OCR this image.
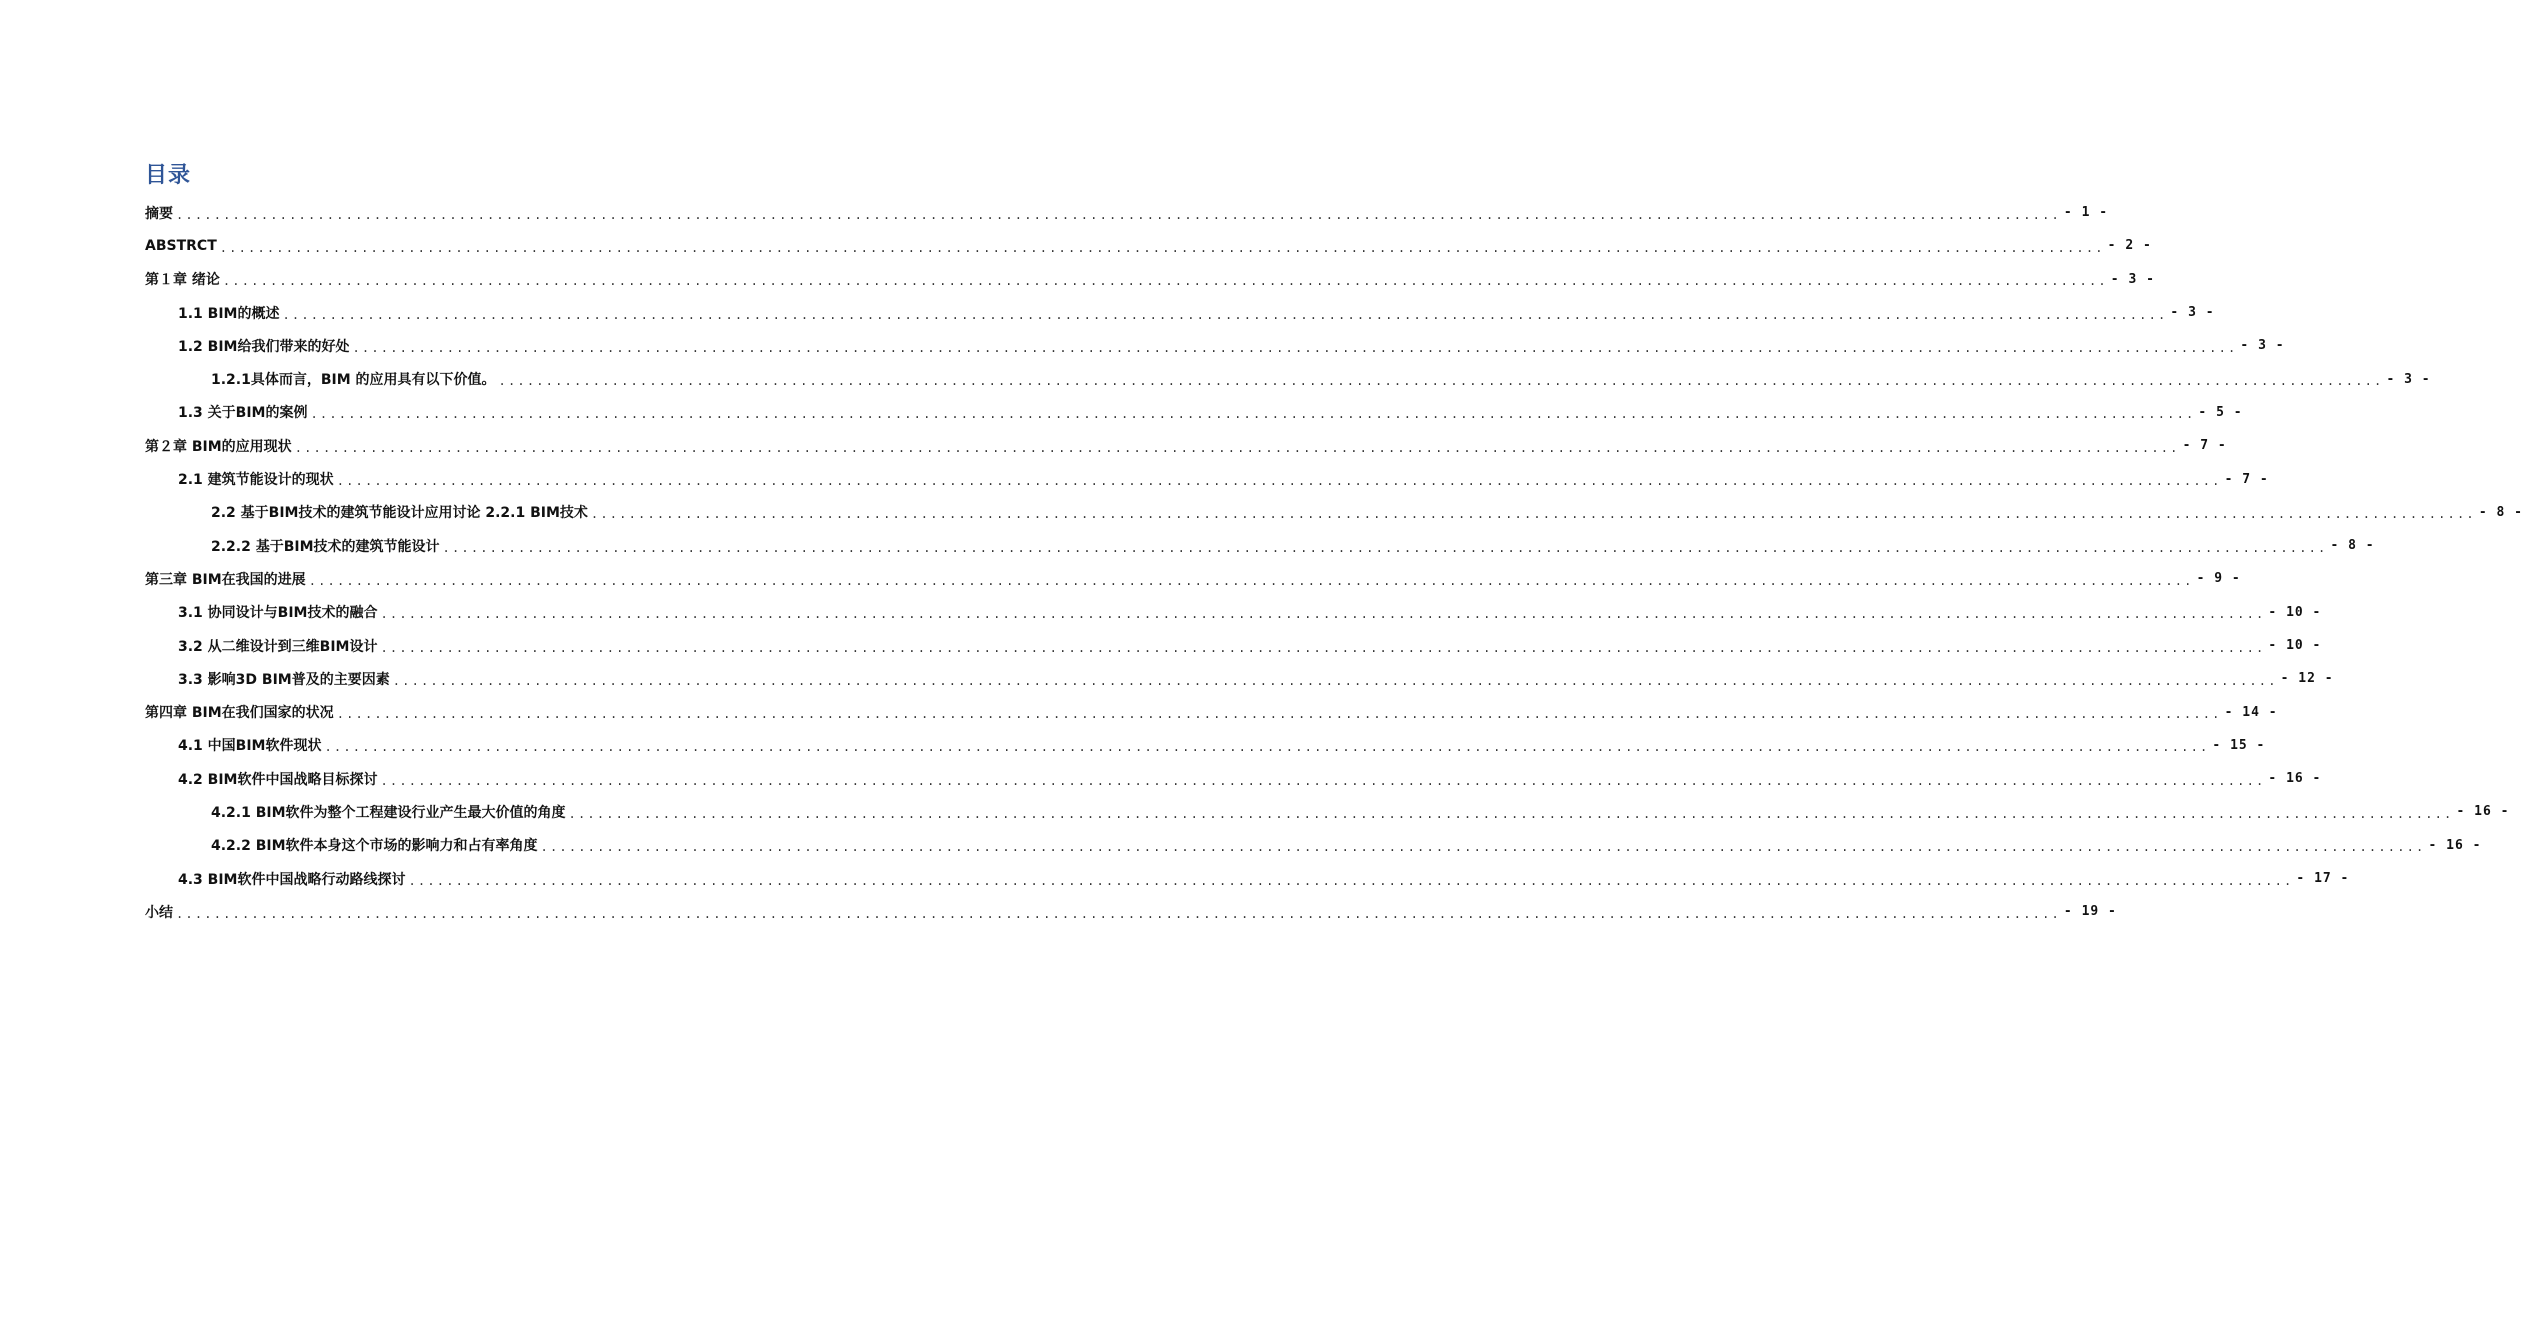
目录
摘要 ........................................................................................................................................................................................................ - 1 -
ABSTRCT ........................................................................................................................................................................................................ - 2 -
第１章 绪论 ........................................................................................................................................................................................................ - 3 -
1.1 BIM的概述 ........................................................................................................................................................................................................ - 3 -
1.2 BIM给我们带来的好处 ........................................................................................................................................................................................................ - 3 -
1.2.1具体而言，BIM 的应用具有以下价值。 ........................................................................................................................................................................................................ - 3 -
1.3 关于BIM的案例 ........................................................................................................................................................................................................ - 5 -
第２章 BIM的应用现状 ........................................................................................................................................................................................................ - 7 -
2.1 建筑节能设计的现状 ........................................................................................................................................................................................................ - 7 -
2.2 基于BIM技术的建筑节能设计应用讨论 2.2.1 BIM技术 ........................................................................................................................................................................................................ - 8 -
2.2.2 基于BIM技术的建筑节能设计 ........................................................................................................................................................................................................ - 8 -
第三章 BIM在我国的进展 ........................................................................................................................................................................................................ - 9 -
3.1 协同设计与BIM技术的融合 ........................................................................................................................................................................................................ - 10 -
3.2 从二维设计到三维BIM设计 ........................................................................................................................................................................................................ - 10 -
3.3 影响3D BIM普及的主要因素 ........................................................................................................................................................................................................ - 12 -
第四章 BIM在我们国家的状况 ........................................................................................................................................................................................................ - 14 -
4.1 中国BIM软件现状 ........................................................................................................................................................................................................ - 15 -
4.2 BIM软件中国战略目标探讨 ........................................................................................................................................................................................................ - 16 -
4.2.1 BIM软件为整个工程建设行业产生最大价值的角度 ........................................................................................................................................................................................................ - 16 -
4.2.2 BIM软件本身这个市场的影响力和占有率角度 ........................................................................................................................................................................................................ - 16 -
4.3 BIM软件中国战略行动路线探讨 ........................................................................................................................................................................................................ - 17 -
小结 ........................................................................................................................................................................................................ - 19 -
